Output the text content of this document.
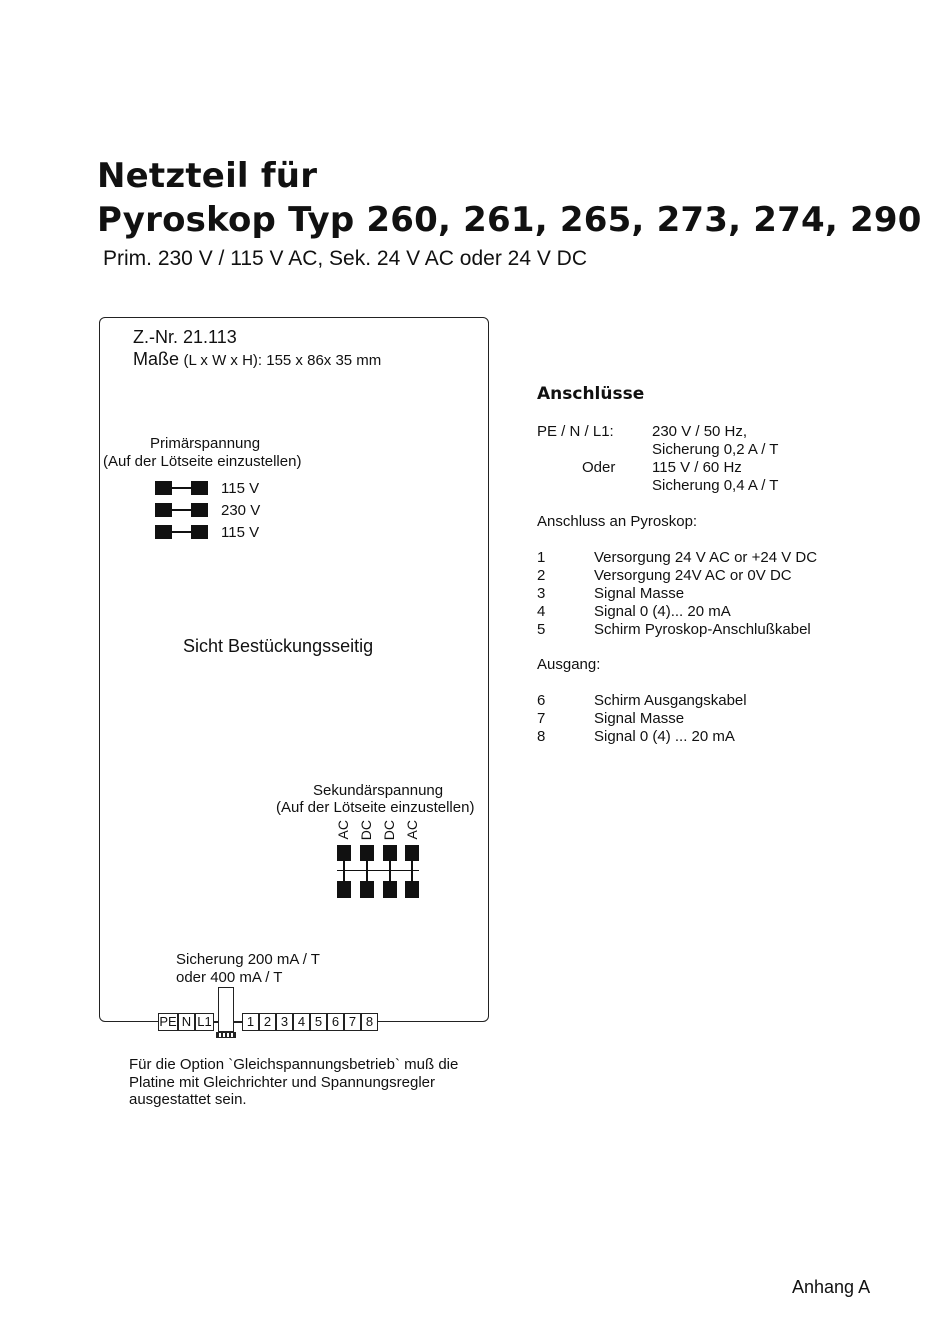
Netzteil für
Pyroskop Typ 260, 261, 265, 273, 274, 290
Prim. 230 V / 115 V AC, Sek. 24 V AC oder 24 V DC
Z.-Nr. 21.113
Maße (L x W x H): 155 x 86x 35 mm
Primärspannung
(Auf der Lötseite einzustellen)
115 V
230 V
115 V
Sicht Bestückungsseitig
Sekundärspannung
(Auf der Lötseite einzustellen)
AC DC DC AC
Sicherung 200 mA / T
oder 400 mA / T
PE N L1	1 2 3 4 5 6 7 8
Für die Option `Gleichspannungsbetrieb` muß die
Platine mit Gleichrichter und Spannungsregler
ausgestattet sein.
Anschlüsse
PE / N / L1:	230 V / 50 Hz,
Sicherung 0,2 A / T
Oder 115 V / 60 Hz
Sicherung 0,4 A / T
Anschluss an Pyroskop:
1	Versorgung 24 V AC or +24 V DC
2	Versorgung 24V AC or 0V DC
3	Signal Masse
4	Signal 0 (4)... 20 mA
5	Schirm Pyroskop-Anschlußkabel
Ausgang:
6	Schirm Ausgangskabel
7	Signal Masse
8	Signal 0 (4) ... 20 mA
Anhang A
